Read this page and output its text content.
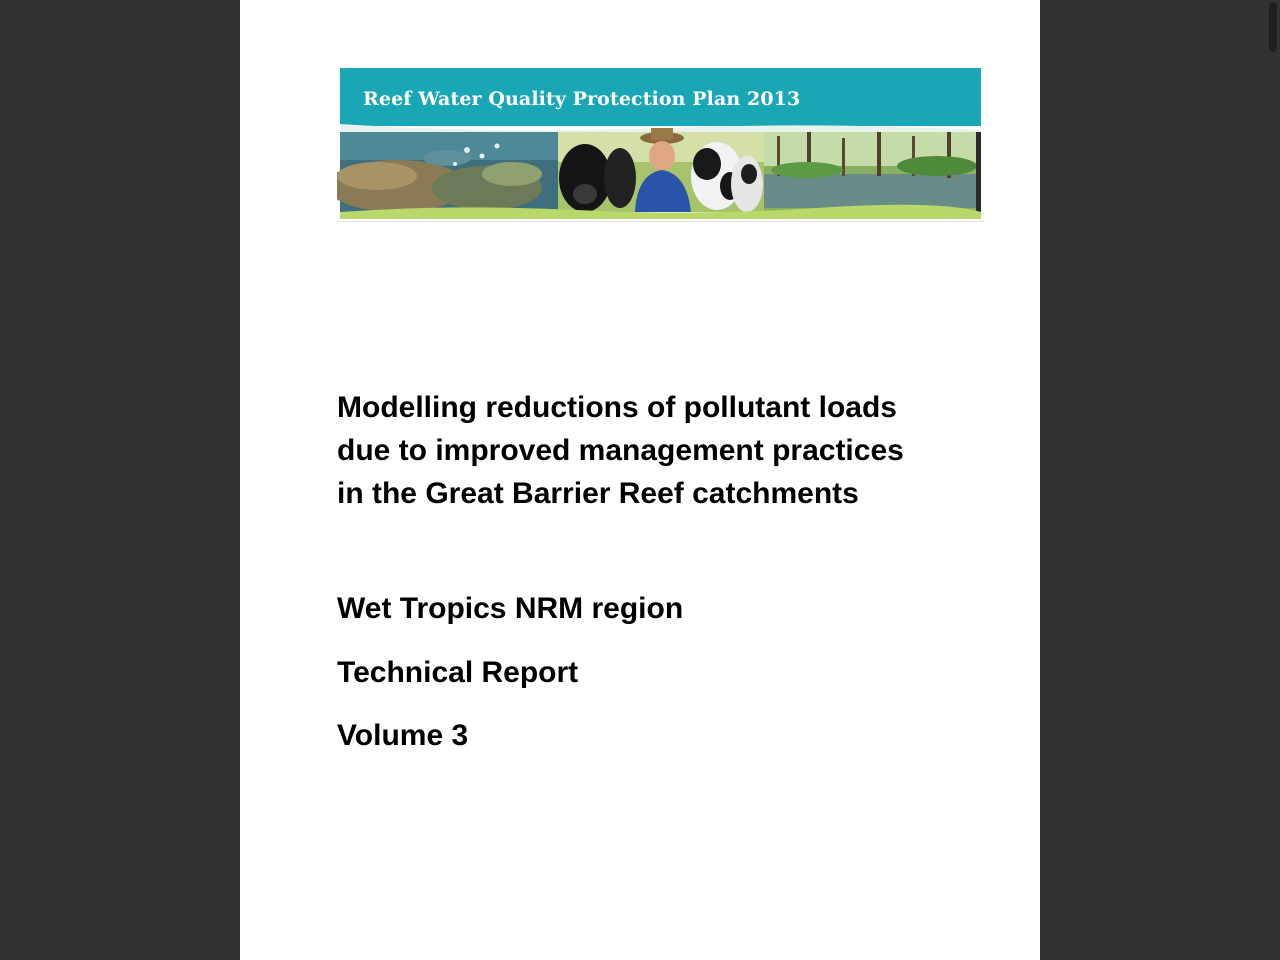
Reef Water Quality Protection Plan 2013
Modelling reductions of pollutant loads
due to improved management practices
in the Great Barrier Reef catchments

Wet Tropics NRM region

Technical Report

Volume 3
